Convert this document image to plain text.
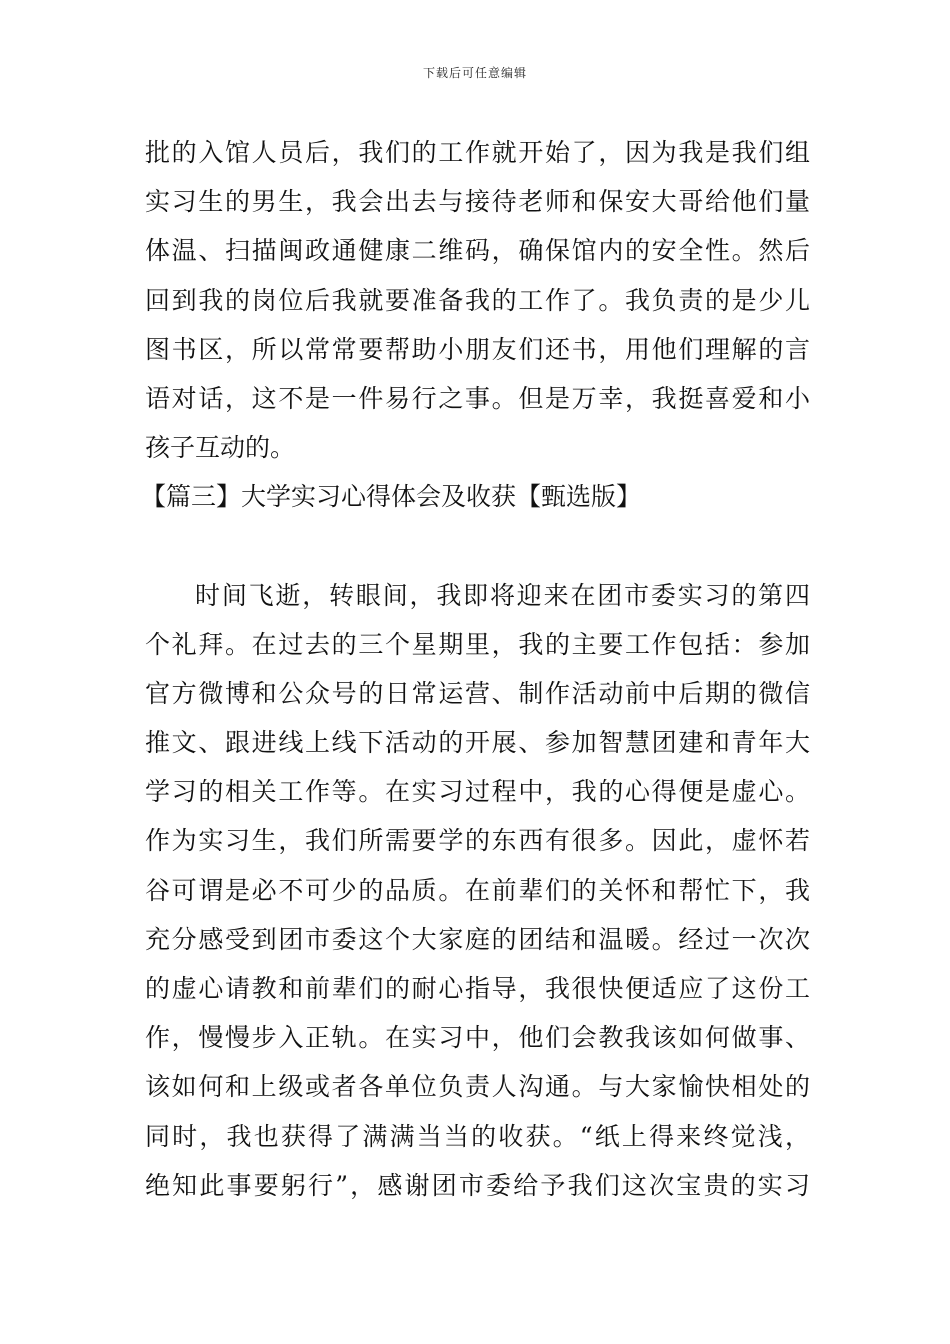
下载后可任意编辑
批的入馆人员后，我们的工作就开始了，因为我是我们组
实习生的男生，我会出去与接待老师和保安大哥给他们量
体温、扫描闽政通健康二维码，确保馆内的安全性。然后
回到我的岗位后我就要准备我的工作了。我负责的是少儿
图书区，所以常常要帮助小朋友们还书，用他们理解的言
语对话，这不是一件易行之事。但是万幸，我挺喜爱和小
孩子互动的。
【篇三】大学实习心得体会及收获【甄选版】
时间飞逝，转眼间，我即将迎来在团市委实习的第四
个礼拜。在过去的三个星期里，我的主要工作包括：参加
官方微博和公众号的日常运营、制作活动前中后期的微信
推文、跟进线上线下活动的开展、参加智慧团建和青年大
学习的相关工作等。在实习过程中，我的心得便是虚心。
作为实习生，我们所需要学的东西有很多。因此，虚怀若
谷可谓是必不可少的品质。在前辈们的关怀和帮忙下，我
充分感受到团市委这个大家庭的团结和温暖。经过一次次
的虚心请教和前辈们的耐心指导，我很快便适应了这份工
作，慢慢步入正轨。在实习中，他们会教我该如何做事、
该如何和上级或者各单位负责人沟通。与大家愉快相处的
同时，我也获得了满满当当的收获。“纸上得来终觉浅，
绝知此事要躬行”，感谢团市委给予我们这次宝贵的实习
